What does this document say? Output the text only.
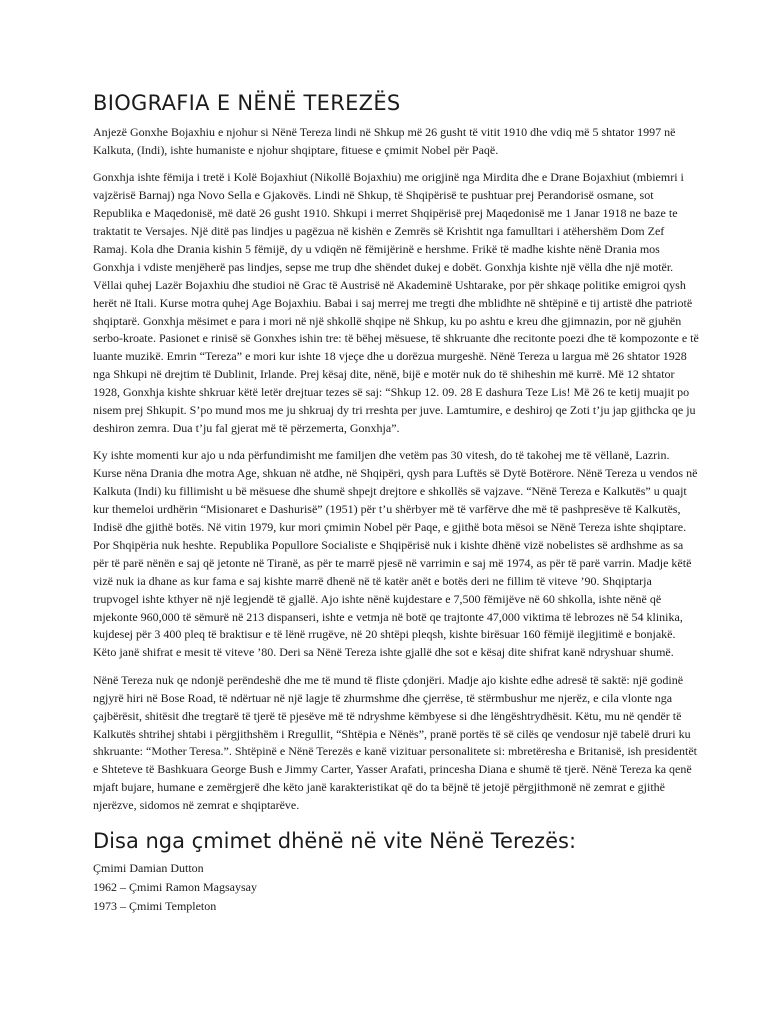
BIOGRAFIA E NËNË TEREZËS

Anjezë Gonxhe Bojaxhiu e njohur si Nënë Tereza lindi në Shkup më 26 gusht të vitit 1910 dhe vdiq më 5 shtator 1997 në Kalkuta, (Indi), ishte humaniste e njohur shqiptare, fituese e çmimit Nobel për Paqë.

Gonxhja ishte fëmija i tretë i Kolë Bojaxhiut (Nikollë Bojaxhiu) me origjinë nga Mirdita dhe e Drane Bojaxhiut (mbiemri i vajzërisë Barnaj) nga Novo Sella e Gjakovës. Lindi në Shkup, të Shqipërisë te pushtuar prej Perandorisë osmane, sot Republika e Maqedonisë, më datë 26 gusht 1910. Shkupi i merret Shqipërisë prej Maqedonisë me 1 Janar 1918 ne baze te traktatit te Versajes. Një ditë pas lindjes u pagëzua në kishën e Zemrës së Krishtit nga famulltari i atëhershëm Dom Zef Ramaj. Kola dhe Drania kishin 5 fëmijë, dy u vdiqën në fëmijërinë e hershme. Frikë të madhe kishte nënë Drania mos Gonxhja i vdiste menjëherë pas lindjes, sepse me trup dhe shëndet dukej e dobët. Gonxhja kishte një vëlla dhe një motër. Vëllai quhej Lazër Bojaxhiu dhe studioi në Grac të Austrisë në Akademinë Ushtarake, por për shkaqe politike emigroi qysh herët në Itali. Kurse motra quhej Age Bojaxhiu. Babai i saj merrej me tregti dhe mblidhte në shtëpinë e tij artistë dhe patriotë shqiptarë. Gonxhja mësimet e para i mori në një shkollë shqipe në Shkup, ku po ashtu e kreu dhe gjimnazin, por në gjuhën serbo-kroate. Pasionet e rinisë së Gonxhes ishin tre: të bëhej mësuese, të shkruante dhe recitonte poezi dhe të kompozonte e të luante muzikë. Emrin “Tereza” e mori kur ishte 18 vjeçe dhe u dorëzua murgeshë. Nënë Tereza u largua më 26 shtator 1928 nga Shkupi në drejtim të Dublinit, Irlande. Prej kësaj dite, nënë, bijë e motër nuk do të shiheshin më kurrë. Më 12 shtator 1928, Gonxhja kishte shkruar këtë letër drejtuar tezes së saj: “Shkup 12. 09. 28 E dashura Teze Lis! Më 26 te ketij muajit po nisem prej Shkupit. S’po mund mos me ju shkruaj dy tri rreshta per juve. Lamtumire, e deshiroj qe Zoti t’ju jap gjithcka qe ju deshiron zemra. Dua t’ju fal gjerat më të përzemerta, Gonxhja”.

Ky ishte momenti kur ajo u nda përfundimisht me familjen dhe vetëm pas 30 vitesh, do të takohej me të vëllanë, Lazrin. Kurse nëna Drania dhe motra Age, shkuan në atdhe, në Shqipëri, qysh para Luftës së Dytë Botërore. Nënë Tereza u vendos në Kalkuta (Indi) ku fillimisht u bë mësuese dhe shumë shpejt drejtore e shkollës së vajzave. “Nënë Tereza e Kalkutës” u quajt kur themeloi urdhërin “Misionaret e Dashurisë” (1951) për t’u shërbyer më të varfërve dhe më të pashpresëve të Kalkutës, Indisë dhe gjithë botës. Në vitin 1979, kur mori çmimin Nobel për Paqe, e gjithë bota mësoi se Nënë Tereza ishte shqiptare. Por Shqipëria nuk heshte. Republika Popullore Socialiste e Shqipërisë nuk i kishte dhënë vizë nobelistes së ardhshme as sa për të parë nënën e saj që jetonte në Tiranë, as për te marrë pjesë në varrimin e saj më 1974, as për të parë varrin. Madje këtë vizë nuk ia dhane as kur fama e saj kishte marrë dhenë në të katër anët e botës deri ne fillim të viteve ’90. Shqiptarja trupvogel ishte kthyer në një legjendë të gjallë. Ajo ishte nënë kujdestare e 7,500 fëmijëve në 60 shkolla, ishte nënë që mjekonte 960,000 të sëmurë në 213 dispanseri, ishte e vetmja në botë qe trajtonte 47,000 viktima të lebrozes në 54 klinika, kujdesej për 3 400 pleq të braktisur e të lënë rrugëve, në 20 shtëpi pleqsh, kishte birësuar 160 fëmijë ilegjitimë e bonjakë. Këto janë shifrat e mesit të viteve ’80. Deri sa Nënë Tereza ishte gjallë dhe sot e kësaj dite shifrat kanë ndryshuar shumë.

Nënë Tereza nuk qe ndonjë perëndeshë dhe me të mund të fliste çdonjëri. Madje ajo kishte edhe adresë të saktë: një godinë ngjyrë hiri në Bose Road, të ndërtuar në një lagje të zhurmshme dhe çjerrëse, të stërmbushur me njerëz, e cila vlonte nga çajbërësit, shitësit dhe tregtarë të tjerë të pjesëve më të ndryshme këmbyese si dhe lëngështrydhësit. Këtu, mu në qendër të Kalkutës shtrihej shtabi i përgjithshëm i Rregullit, “Shtëpia e Nënës”, pranë portës të së cilës qe vendosur një tabelë druri ku shkruante: “Mother Teresa.”. Shtëpinë e Nënë Terezës e kanë vizituar personalitete si: mbretëresha e Britanisë, ish presidentët e Shteteve të Bashkuara George Bush e Jimmy Carter, Yasser Arafati, princesha Diana e shumë të tjerë. Nënë Tereza ka qenë mjaft bujare, humane e zemërgjerë dhe këto janë karakteristikat që do ta bëjnë të jetojë përgjithmonë në zemrat e gjithë njerëzve, sidomos në zemrat e shqiptarëve.

Disa nga çmimet dhënë në vite Nënë Terezës:
Çmimi Damian Dutton
1962 – Çmimi Ramon Magsaysay
1973 – Çmimi Templeton
